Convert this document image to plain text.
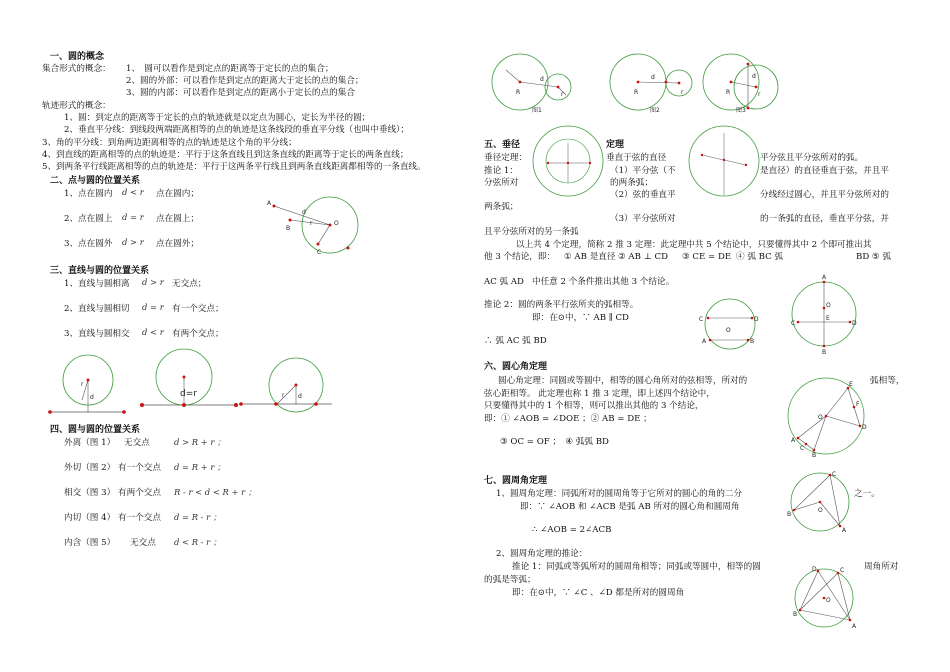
一、圆的概念
集合形式的概念： 1、　圆可以看作是到定点的距离等于定长的点的集合；
2、圆的外部：可以看作是到定点的距离大于定长的点的集合；
3、圆的内部：可以看作是到定点的距离小于定长的点的集合
轨迹形式的概念：
1、圆：到定点的距离等于定长的点的轨迹就是以定点为圆心，定长为半径的圆；
2、垂直平分线：到线段两端距离相等的点的轨迹是这条线段的垂直平分线（也叫中垂线）；
3、角的平分线：到角两边距离相等的点的轨迹是这个角的平分线；
4、到直线的距离相等的点的轨迹是：平行于这条直线且到这条直线的距离等于定长的两条直线；
5、到两条平行线距离相等的点的轨迹是：平行于这两条平行线且到两条直线距离都相等的一条直线。
二、点与圆的位置关系
1、点在圆内 d < r 点在圆内；
2、点在圆上 d = r 点在圆上；
3、点在圆外 d > r 点在圆外；
A
B
C
O
d
r
三、直线与圆的位置关系
1、直线与圆相离 d > r 无交点；
2、直线与圆相切 d = r 有一个交点；
3、直线与圆相交 d < r 有两个交点；
r
d	d=r	r d
四、圆与圆的位置关系
外离（图 1） 无交点	d > R + r ；
外切（图 2） 有一个交点 d = R + r ；
相交（图 3） 有两个交点 R - r < d < R + r ；
内切（图 4） 有一个交点 d = R - r ；
内含（图 5） 无交点 d < R - r ；
R	r
d
图1
R	r
d
图2
R	r
d
图3
五、垂径	定理
垂径定理：	垂直于弦的直径	平分弦且平分弦所对的弧。
推论 1：	（1）平分弦（不	是直径）的直径垂直于弦，并且平
分弦所对	的两条弧；
（2）弦的垂直平	分线经过圆心，并且平分弦所对的
两条弧；
（3）平分弦所对	的一条弧的直径，垂直平分弦，并
且平分弦所对的另一条弧
以上共 4 个定理，简称 2 推 3 定理：此定理中共 5 个结论中，只要懂得其中 2 个即可推出其
他 3 个结论，即： ① AB 是直径 ② AB ⊥ CD ③ CE = DE ④ 弧 BC 弧	BD ⑤ 弧
AC 弧 AD 中任意 2 个条件推出其他 3 个结论。
推论 2：圆的两条平行弦所夹的弧相等。
即：在⊙中，∵ AB ∥ CD
∴ 弧 AC 弧 BD
C	D
A	B
O
A
B
C	D
E
O
六、圆心角定理
圆心角定理：同圆或等圆中，相等的圆心角所对的弦相等，所对的	弧相等，
弦心距相等。 此定理也称 1 推 3 定理，即上述四个结论中，
只要懂得其中的 1 个相等，则可以推出其他的 3 个结论，
即：① ∠AOB = ∠DOE ；② AB = DE ；
③ OC = OF ；　④ 弧弧 BD	A
B
C
D
E
F
O
七、圆周角定理
1、圆周角定理：同弧所对的圆周角等于它所对的圆心的角的二分	之一。
即：∵ ∠AOB 和 ∠ACB 是弧 AB 所对的圆心角和圆周角
∴ ∠AOB = 2∠ACB
2、圆周角定理的推论：
推论 1：同弧或等弧所对的圆周角相等；同弧或等圆中，相等的圆	周角所对
的弧是等弧；
即：在⊙中，∵ ∠C 、∠D 都是所对的圆周角
C
B
A
O
D	C
B
A
O
